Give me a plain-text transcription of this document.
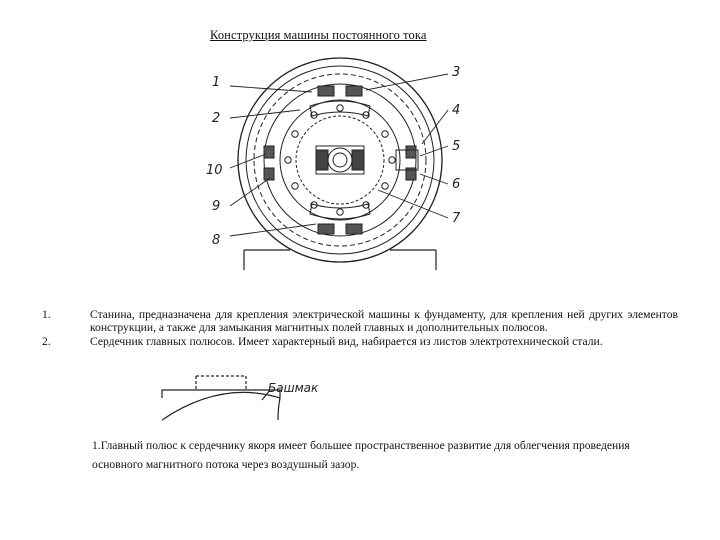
Конструкция машины постоянного тока
1
2
3
4
5
6
7
8
9
10
1.	Станина, предназначена для крепления электрической машины к фундаменту, для крепления ней других элементов конструкции, а также для замыкания магнитных полей главных и дополнительных полюсов.
2.	Сердечник главных полюсов. Имеет характерный вид, набирается из листов электротехнической стали.
Башмак
1.Главный полюс к сердечнику якоря имеет большее пространственное развитие для облегчения проведения основного магнитного потока через воздушный зазор.
